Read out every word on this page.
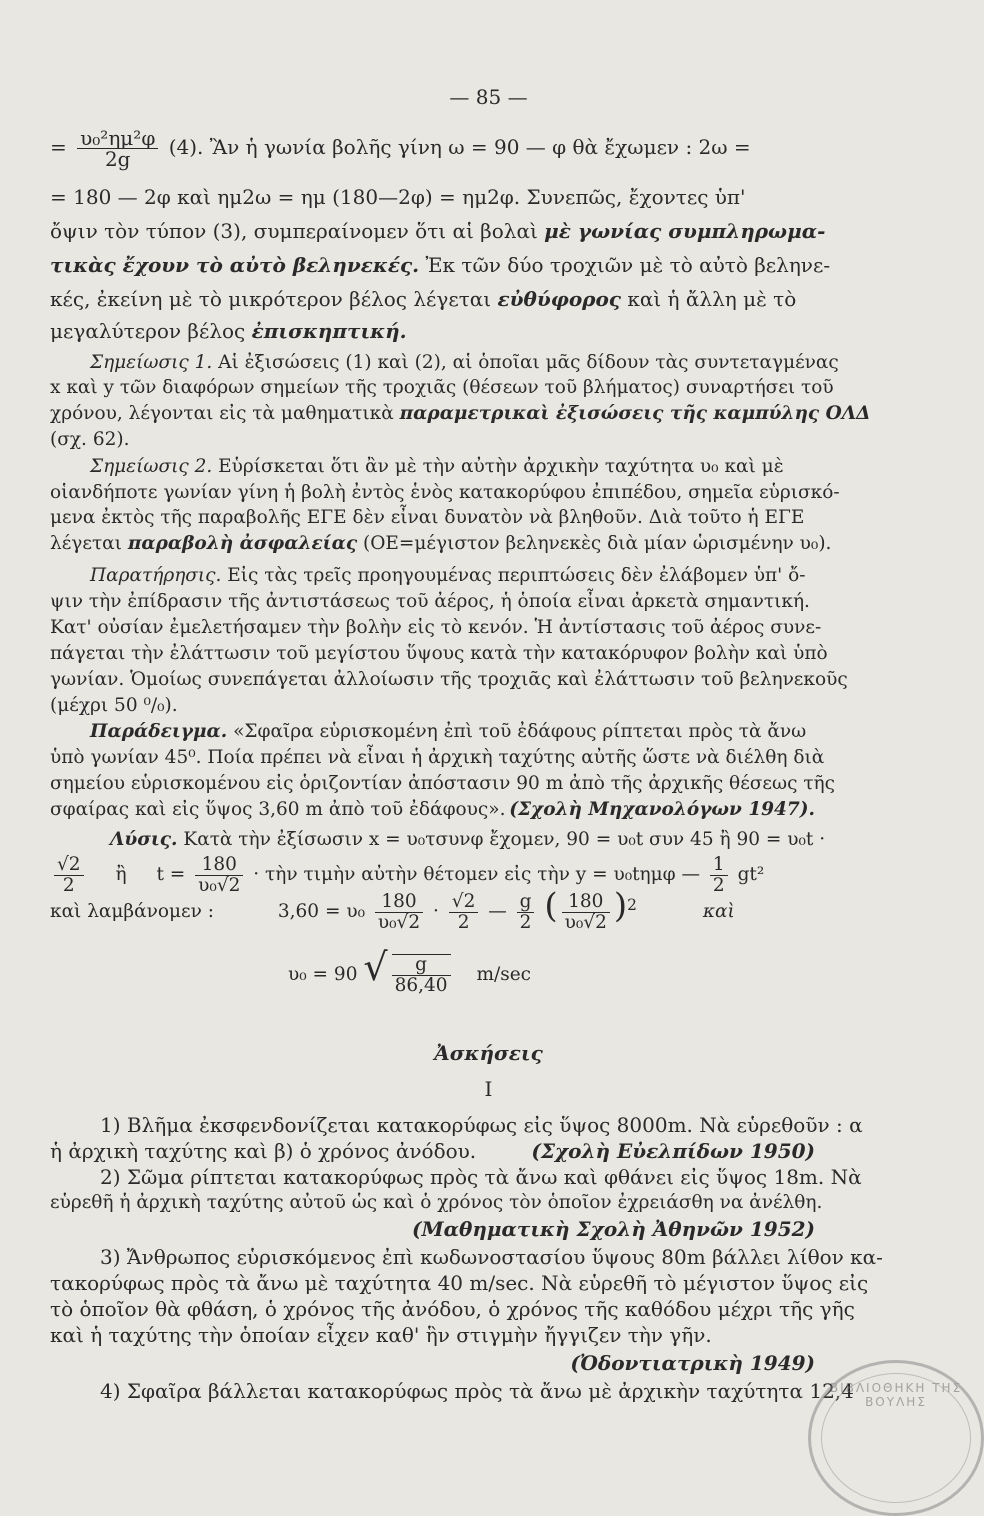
— 85 —
= $\frac{\text{υ₀²ημ²φ}}{2g} (4)$. Ἂν ἡ γωνία βολῆς γίνη ω = 90 — φ θὰ ἔχωμεν : 2ω =
= 180 — 2φ καὶ ημ2ω = ημ (180—2φ) = ημ2φ. Συνεπῶς, ἔχοντες ὑπ'
ὄψιν τὸν τύπον (3), συμπεραίνομεν ὅτι αἱ βολαὶ μὲ γωνίας συμπληρωμα-
τικὰς ἔχουν τὸ αὐτὸ βεληνεκές. Ἐκ τῶν δύο τροχιῶν μὲ τὸ αὐτὸ βεληνε-
κές, ἐκείνη μὲ τὸ μικρότερον βέλος λέγεται εὐθύφορος καὶ ἡ ἄλλη μὲ τὸ
μεγαλύτερον βέλος ἐπισκηπτική.
Σημείωσις 1. Αἱ ἐξισώσεις (1) καὶ (2), αἱ ὁποῖαι μᾶς δίδουν τὰς συντεταγμένας
x καὶ y τῶν διαφόρων σημείων τῆς τροχιᾶς (θέσεων τοῦ βλήματος) συναρτήσει τοῦ
χρόνου, λέγονται εἰς τὰ μαθηματικὰ παραμετρικαὶ ἐξισώσεις τῆς καμπύλης ΟΛΔ
(σχ. 62).
Σημείωσις 2. Εὑρίσκεται ὅτι ἂν μὲ τὴν αὐτὴν ἀρχικὴν ταχύτητα υ₀ καὶ μὲ
οἱανδήποτε γωνίαν γίνη ἡ βολὴ ἐντὸς ἑνὸς κατακορύφου ἐπιπέδου, σημεῖα εὑρισκό-
μενα ἐκτὸς τῆς παραβολῆς ΕΓΕ δὲν εἶναι δυνατὸν νὰ βληθοῦν. Διὰ τοῦτο ἡ ΕΓΕ
λέγεται παραβολὴ ἀσφαλείας (ΟΕ=μέγιστον βεληνεκὲς διὰ μίαν ὡρισμένην υ₀).
Παρατήρησις. Εἰς τὰς τρεῖς προηγουμένας περιπτώσεις δὲν ἐλάβομεν ὑπ' ὄ-
ψιν τὴν ἐπίδρασιν τῆς ἀντιστάσεως τοῦ ἀέρος, ἡ ὁποία εἶναι ἀρκετὰ σημαντική.
Κατ' οὐσίαν ἐμελετήσαμεν τὴν βολὴν εἰς τὸ κενόν. Ἡ ἀντίστασις τοῦ ἀέρος συνε-
πάγεται τὴν ἐλάττωσιν τοῦ μεγίστου ὕψους κατὰ τὴν κατακόρυφον βολὴν καὶ ὑπὸ
γωνίαν. Ὁμοίως συνεπάγεται ἀλλοίωσιν τῆς τροχιᾶς καὶ ἐλάττωσιν τοῦ βεληνεκοῦς
(μέχρι 50 ⁰/₀).
Παράδειγμα. «Σφαῖρα εὑρισκομένη ἐπὶ τοῦ ἐδάφους ρίπτεται πρὸς τὰ ἄνω
ὑπὸ γωνίαν 45⁰. Ποία πρέπει νὰ εἶναι ἡ ἀρχικὴ ταχύτης αὐτῆς ὥστε νὰ διέλθη διὰ
σημείου εὑρισκομένου εἰς ὁριζοντίαν ἀπόστασιν 90 m ἀπὸ τῆς ἀρχικῆς θέσεως τῆς
σφαίρας καὶ εἰς ὕψος 3,60 m ἀπὸ τοῦ ἐδάφους». (Σχολὴ Μηχανολόγων 1947).
Λύσις. Κατὰ τὴν ἐξίσωσιν x = υ₀τσυνφ ἔχομεν, 90 = υ₀t συν 45 ἢ 90 = υ₀t ·
$\frac{√2}{2}$ ἢ $t = \frac{180}{\text{υ₀√2}}$ · τὴν τιμὴν αὐτὴν θέτομεν εἰς τὴν y = υ₀tημφ — $\frac{1}{2} gt^2$
καὶ λαμβάνομεν :	$3,60 = \upsilon_0 \frac{180}{\text{υ₀√2}} \cdot \frac{√2}{2}$ — $\frac{g}{2}$ ( $\frac{180}{\text{υ₀√2}} )^2$	καὶ
υ₀ = 90 √ $\frac{g}{86,40} m/\sec$
Ἀσκήσεις
I
1) Βλῆμα ἐκσφενδονίζεται κατακορύφως εἰς ὕψος 8000m. Νὰ εὑρεθοῦν : α
ἡ ἀρχικὴ ταχύτης καὶ β) ὁ χρόνος ἀνόδου.	(Σχολὴ Εὐελπίδων 1950)
2) Σῶμα ρίπτεται κατακορύφως πρὸς τὰ ἄνω καὶ φθάνει εἰς ὕψος 18m. Νὰ
εὑρεθῆ ἡ ἀρχικὴ ταχύτης αὐτοῦ ὡς καὶ ὁ χρόνος τὸν ὁποῖον ἐχρειάσθη να ἀνέλθη.
(Μαθηματικὴ Σχολὴ Ἀθηνῶν 1952)
3) Ἄνθρωπος εὑρισκόμενος ἐπὶ κωδωνοστασίου ὕψους 80m βάλλει λίθον κα-
τακορύφως πρὸς τὰ ἄνω μὲ ταχύτητα 40 m/sec. Νὰ εὑρεθῆ τὸ μέγιστον ὕψος εἰς
τὸ ὁποῖον θὰ φθάση, ὁ χρόνος τῆς ἀνόδου, ὁ χρόνος τῆς καθόδου μέχρι τῆς γῆς
καὶ ἡ ταχύτης τὴν ὁποίαν εἶχεν καθ' ἣν στιγμὴν ἤγγιζεν τὴν γῆν.
(Ὀδοντιατρικὴ 1949)
4) Σφαῖρα βάλλεται κατακορύφως πρὸς τὰ ἄνω μὲ ἀρχικὴν ταχύτητα 12,4
ΒΙΒΛΙΟΘΗΚΗ ΤΗΣ ΒΟΥΛΗΣ
